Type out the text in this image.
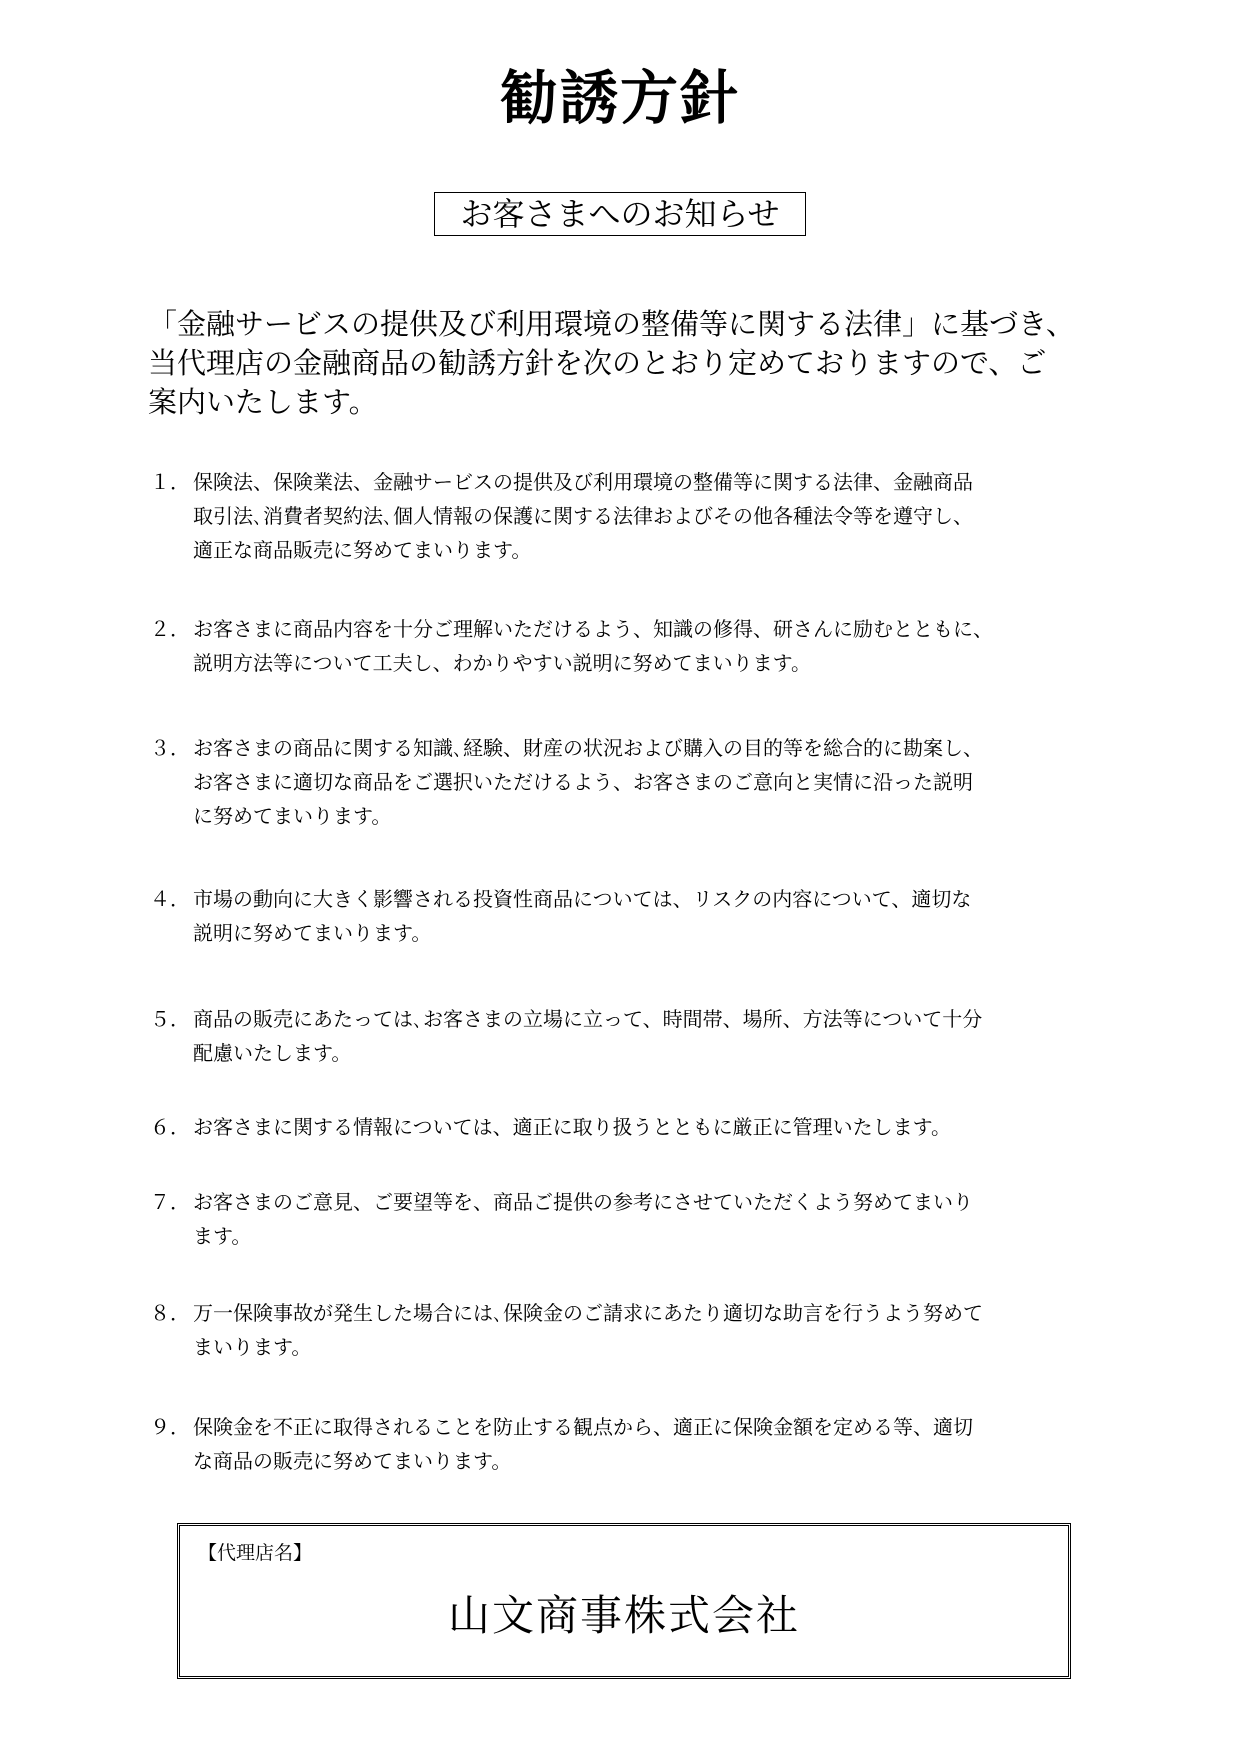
勧誘方針
お客さまへのお知らせ
「金融サービスの提供及び利用環境の整備等に関する法律」に基づき、
当代理店の金融商品の勧誘方針を次のとおり定めておりますので、ご
案内いたします。
１． 保険法、保険業法、金融サービスの提供及び利用環境の整備等に関する法律、金融商品
取引法､消費者契約法､個人情報の保護に関する法律およびその他各種法令等を遵守し、
適正な商品販売に努めてまいります。
２． お客さまに商品内容を十分ご理解いただけるよう、知識の修得、研さんに励むとともに、
説明方法等について工夫し、わかりやすい説明に努めてまいります。
３． お客さまの商品に関する知識､経験、財産の状況および購入の目的等を総合的に勘案し、
お客さまに適切な商品をご選択いただけるよう、お客さまのご意向と実情に沿った説明
に努めてまいります。
４． 市場の動向に大きく影響される投資性商品については、リスクの内容について、適切な
説明に努めてまいります。
５． 商品の販売にあたっては､お客さまの立場に立って、時間帯、場所、方法等について十分
配慮いたします。
６． お客さまに関する情報については、適正に取り扱うとともに厳正に管理いたします。
７． お客さまのご意見、ご要望等を、商品ご提供の参考にさせていただくよう努めてまいり
ます。
８． 万一保険事故が発生した場合には､保険金のご請求にあたり適切な助言を行うよう努めて
まいります。
９． 保険金を不正に取得されることを防止する観点から、適正に保険金額を定める等、適切
な商品の販売に努めてまいります。
【代理店名】
山文商事株式会社
